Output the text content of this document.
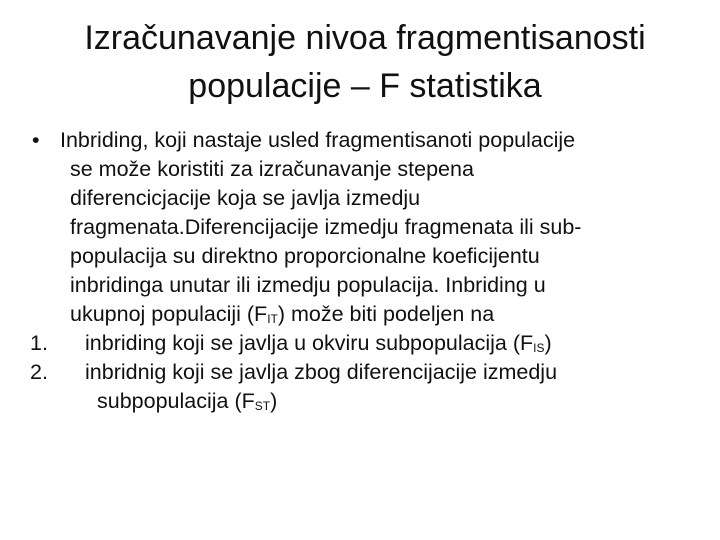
Izračunavanje nivoa fragmentisanosti
populacije – F statistika
• Inbriding, koji nastaje usled fragmentisanoti populacije
se može koristiti za izračunavanje stepena
diferencicjacije koja se javlja izmedju
fragmenata.Diferencijacije izmedju fragmenata ili sub-
populacija su direktno proporcionalne koeficijentu
inbridinga unutar ili izmedju populacija. Inbriding u
ukupnoj populaciji $(F_{IT})$ može biti podeljen na
1. inbriding koji se javlja u okviru subpopulacija $(F_{IS})$
2. inbridnig koji se javlja zbog diferencijacije izmedju
subpopulacija $(F_{ST})$
